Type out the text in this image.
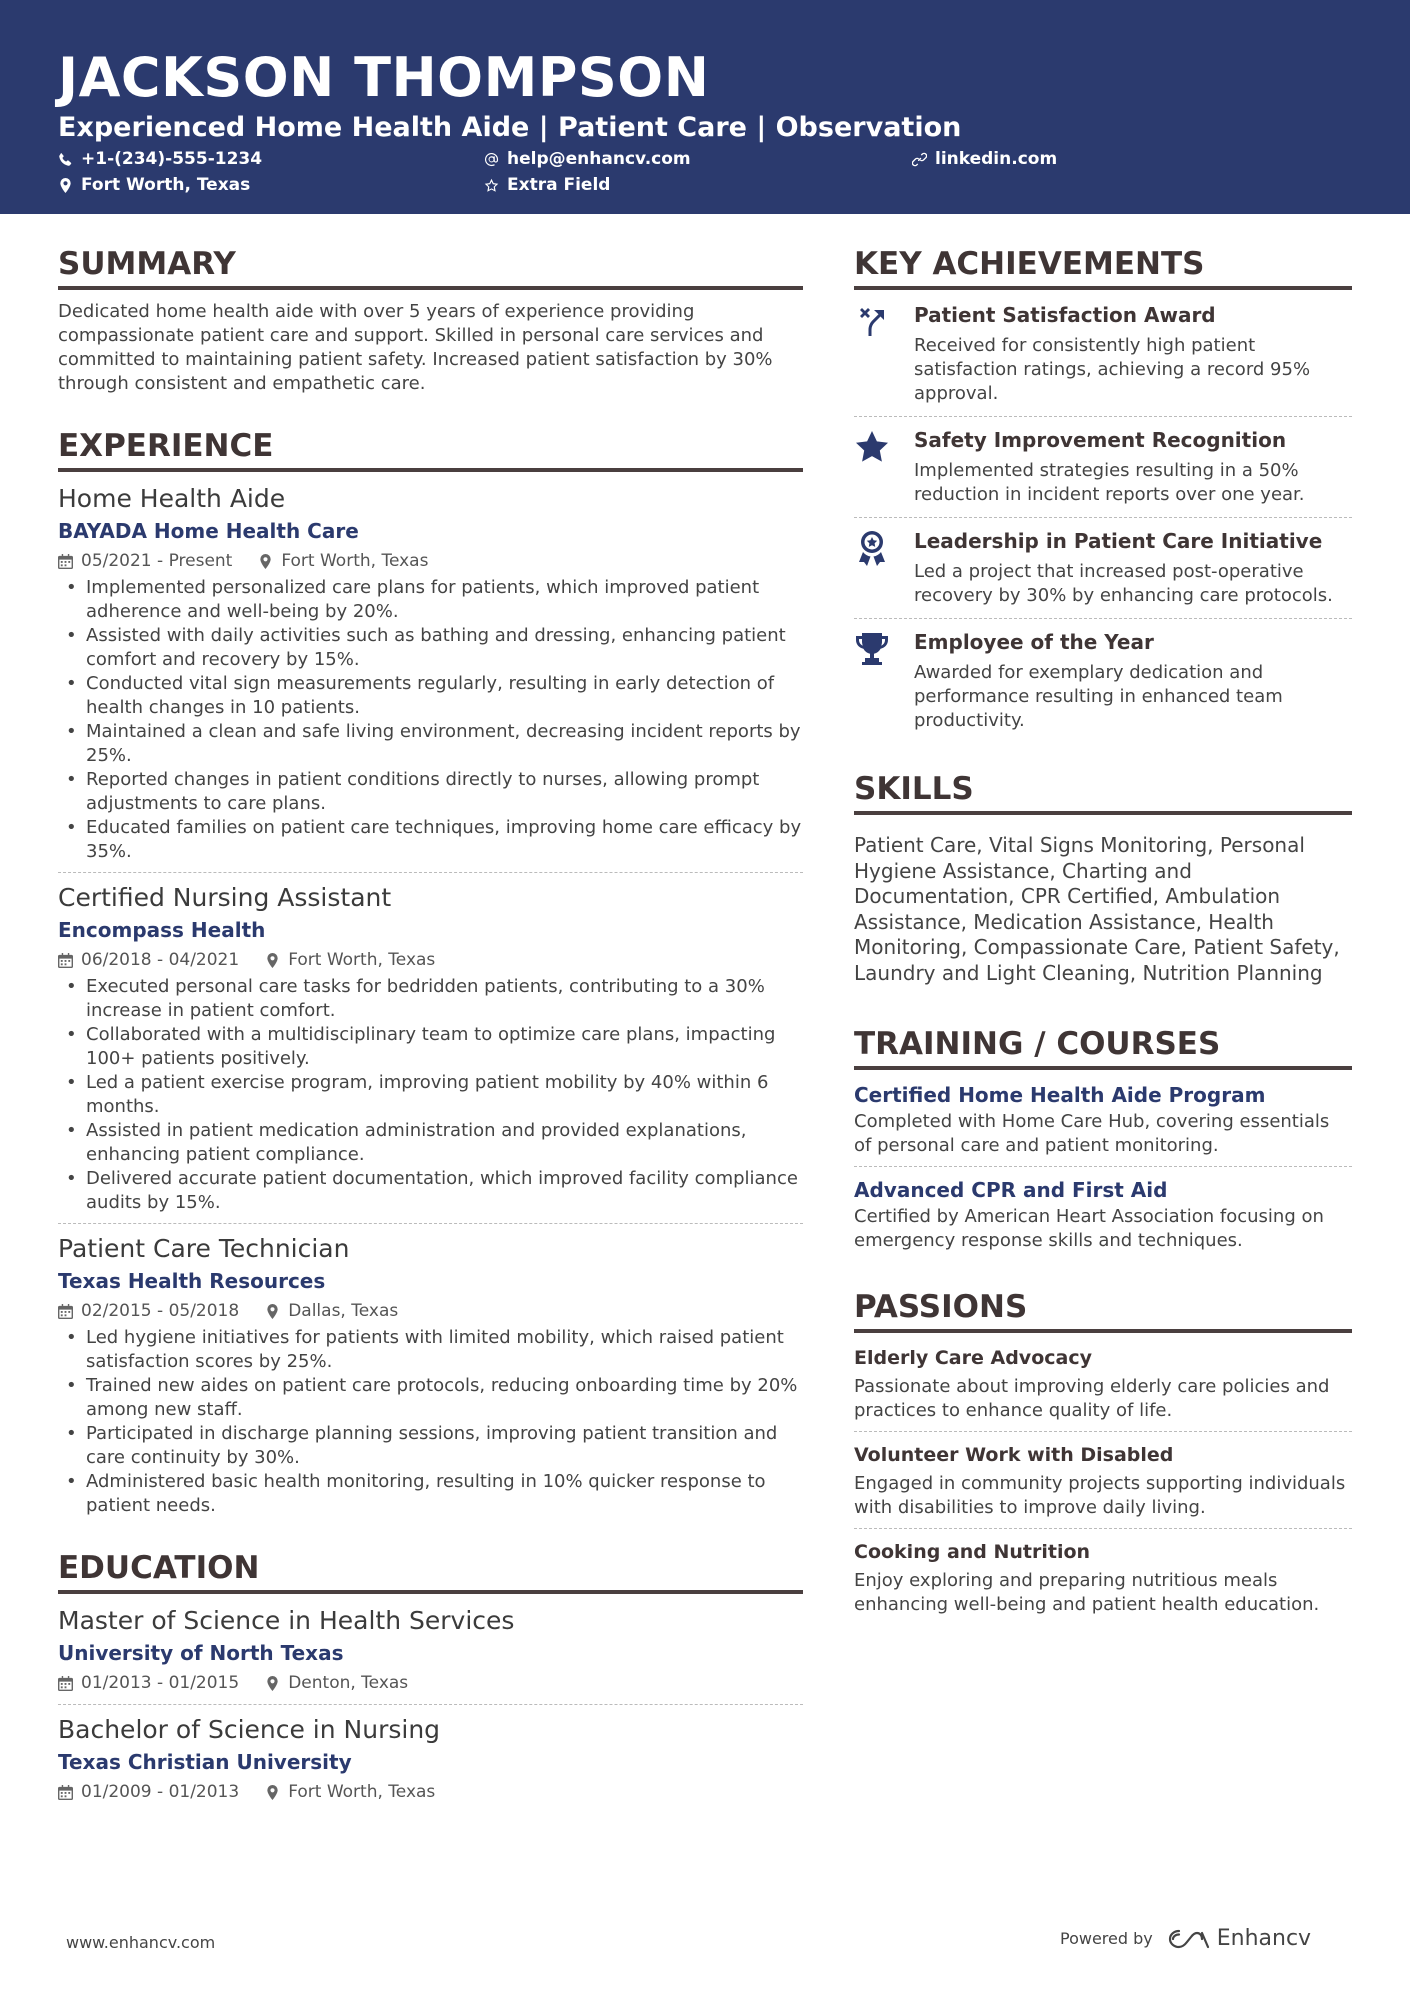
JACKSON THOMPSON
Experienced Home Health Aide | Patient Care | Observation
+1-(234)-555-1234	help@enhancv.com	linkedin.com
Fort Worth, Texas	Extra Field
SUMMARY
Dedicated home health aide with over 5 years of experience providing compassionate patient care and support. Skilled in personal care services and committed to maintaining patient safety. Increased patient satisfaction by 30% through consistent and empathetic care.
EXPERIENCE
Home Health Aide
BAYADA Home Health Care
05/2021 - Present	Fort Worth, Texas
• Implemented personalized care plans for patients, which improved patient adherence and well-being by 20%.
• Assisted with daily activities such as bathing and dressing, enhancing patient comfort and recovery by 15%.
• Conducted vital sign measurements regularly, resulting in early detection of health changes in 10 patients.
• Maintained a clean and safe living environment, decreasing incident reports by 25%.
• Reported changes in patient conditions directly to nurses, allowing prompt adjustments to care plans.
• Educated families on patient care techniques, improving home care efficacy by 35%.
Certified Nursing Assistant
Encompass Health
06/2018 - 04/2021	Fort Worth, Texas
• Executed personal care tasks for bedridden patients, contributing to a 30% increase in patient comfort.
• Collaborated with a multidisciplinary team to optimize care plans, impacting 100+ patients positively.
• Led a patient exercise program, improving patient mobility by 40% within 6 months.
• Assisted in patient medication administration and provided explanations, enhancing patient compliance.
• Delivered accurate patient documentation, which improved facility compliance audits by 15%.
Patient Care Technician
Texas Health Resources
02/2015 - 05/2018	Dallas, Texas
• Led hygiene initiatives for patients with limited mobility, which raised patient satisfaction scores by 25%.
• Trained new aides on patient care protocols, reducing onboarding time by 20% among new staff.
• Participated in discharge planning sessions, improving patient transition and care continuity by 30%.
• Administered basic health monitoring, resulting in 10% quicker response to patient needs.
EDUCATION
Master of Science in Health Services
University of North Texas
01/2013 - 01/2015	Denton, Texas
Bachelor of Science in Nursing
Texas Christian University
01/2009 - 01/2013	Fort Worth, Texas
KEY ACHIEVEMENTS
Patient Satisfaction Award
Received for consistently high patient satisfaction ratings, achieving a record 95% approval.
Safety Improvement Recognition
Implemented strategies resulting in a 50% reduction in incident reports over one year.
Leadership in Patient Care Initiative
Led a project that increased post-operative recovery by 30% by enhancing care protocols.
Employee of the Year
Awarded for exemplary dedication and performance resulting in enhanced team productivity.
SKILLS
Patient Care, Vital Signs Monitoring, Personal Hygiene Assistance, Charting and Documentation, CPR Certified, Ambulation Assistance, Medication Assistance, Health Monitoring, Compassionate Care, Patient Safety, Laundry and Light Cleaning, Nutrition Planning
TRAINING / COURSES
Certified Home Health Aide Program
Completed with Home Care Hub, covering essentials of personal care and patient monitoring.
Advanced CPR and First Aid
Certified by American Heart Association focusing on emergency response skills and techniques.
PASSIONS
Elderly Care Advocacy
Passionate about improving elderly care policies and practices to enhance quality of life.
Volunteer Work with Disabled
Engaged in community projects supporting individuals with disabilities to improve daily living.
Cooking and Nutrition
Enjoy exploring and preparing nutritious meals enhancing well-being and patient health education.
www.enhancv.com	Powered by	Enhancv
